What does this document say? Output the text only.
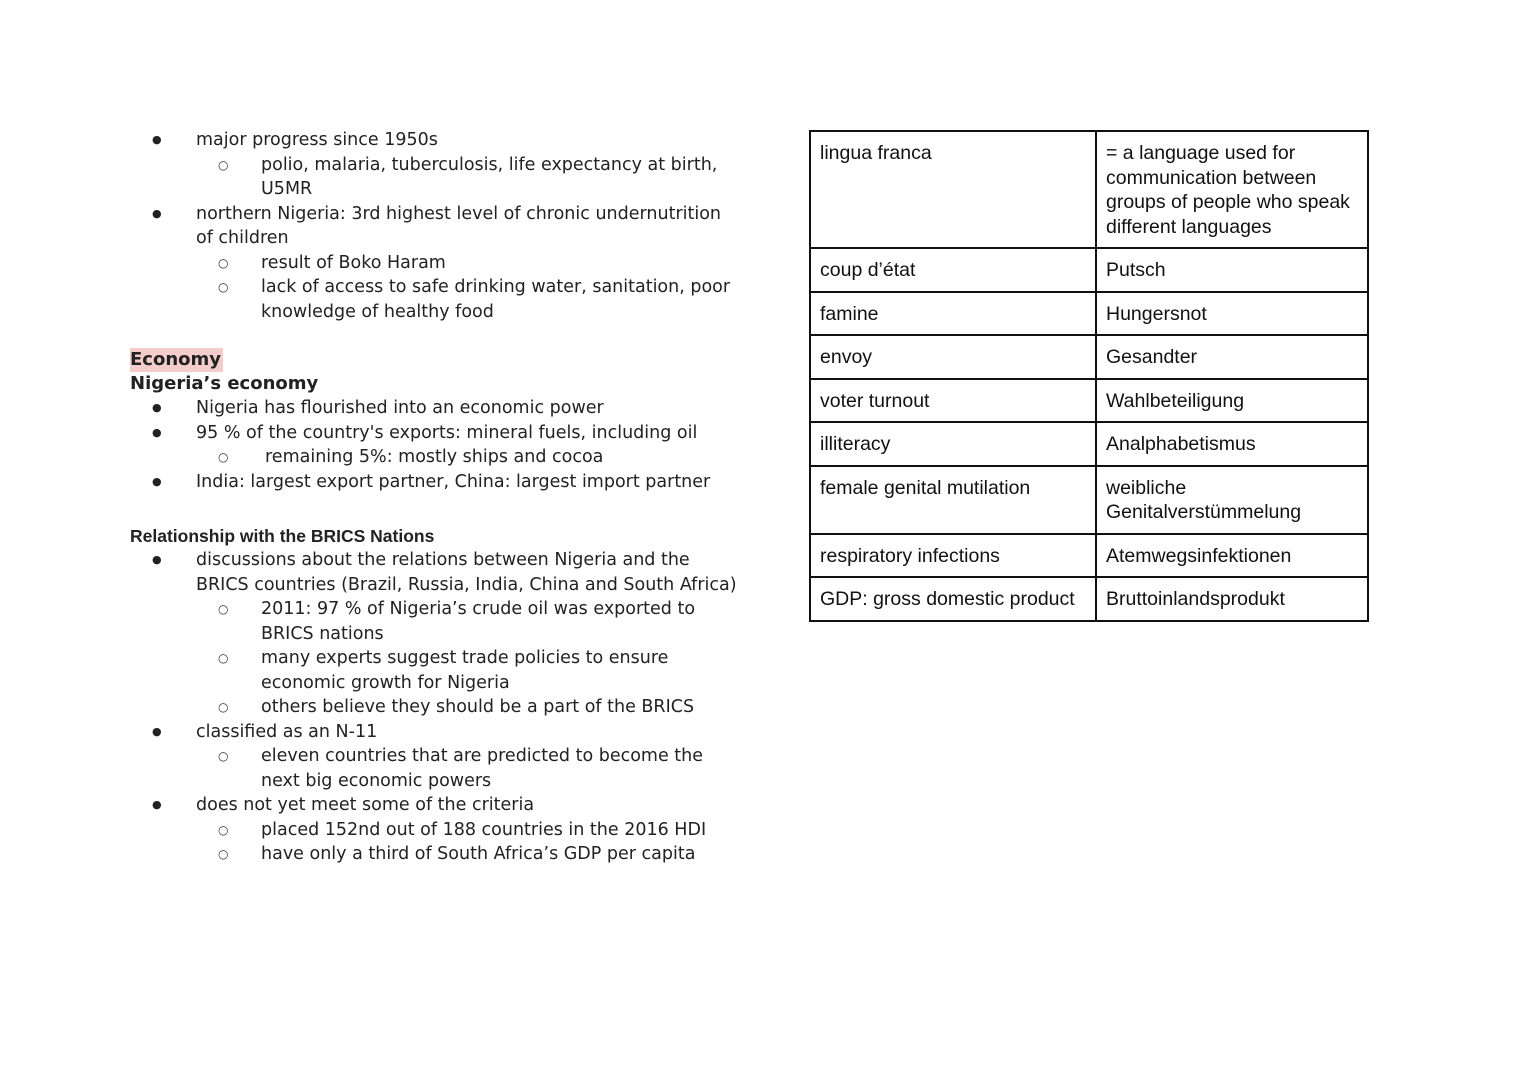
● major progress since 1950s
○ polio, malaria, tuberculosis, life expectancy at birth, U5MR
● northern Nigeria: 3rd highest level of chronic undernutrition of children
○ result of Boko Haram
○ lack of access to safe drinking water, sanitation, poor knowledge of healthy food
Economy
Nigeria’s economy
● Nigeria has flourished into an economic power
● 95 % of the country's exports: mineral fuels, including oil
○ remaining 5%: mostly ships and cocoa
● India: largest export partner, China: largest import partner
Relationship with the BRICS Nations
● discussions about the relations between Nigeria and the BRICS countries (Brazil, Russia, India, China and South Africa)
○ 2011: 97 % of Nigeria’s crude oil was exported to BRICS nations
○ many experts suggest trade policies to ensure economic growth for Nigeria
○ others believe they should be a part of the BRICS
● classified as an N-11
○ eleven countries that are predicted to become the next big economic powers
● does not yet meet some of the criteria
○ placed 152nd out of 188 countries in the 2016 HDI
○ have only a third of South Africa’s GDP per capita
lingua franca	= a language used for communication between groups of people who speak different languages
coup d’état	Putsch
famine	Hungersnot
envoy	Gesandter
voter turnout	Wahlbeteiligung
illiteracy	Analphabetismus
female genital mutilation	weibliche Genitalverstümmelung
respiratory infections	Atemwegsinfektionen
GDP: gross domestic product	Bruttoinlandsprodukt
